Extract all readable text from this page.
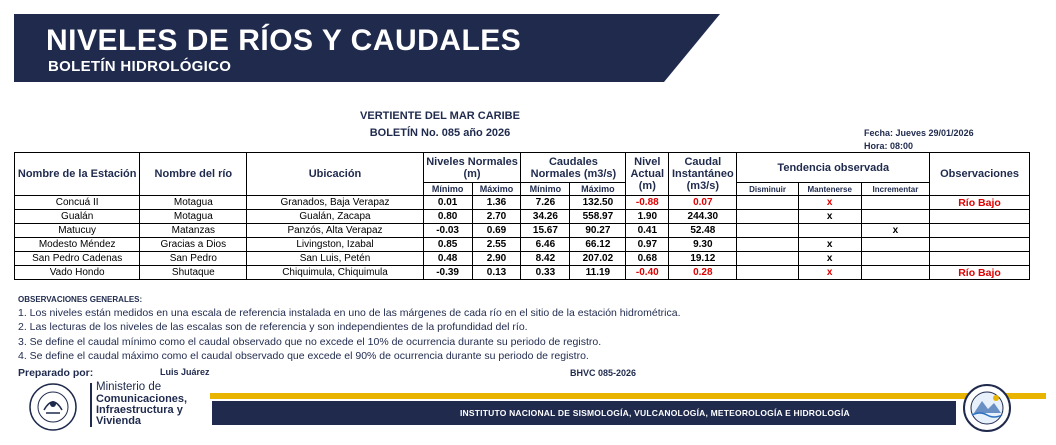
NIVELES DE RÍOS Y CAUDALES
BOLETÍN HIDROLÓGICO
VERTIENTE DEL MAR CARIBE
BOLETÍN No. 085 año 2026	Fecha: Jueves 29/01/2026
Hora: 08:00
Nombre de la Estación	Nombre del río	Ubicación	Niveles Normales (m)		Caudales Normales (m3/s)		Nivel Actual (m)	Caudal Instantáneo (m3/s)	Tendencia observada			Observaciones
			Mínimo	Máximo	Mínimo	Máximo			Disminuir	Mantenerse	Incrementar	
Concuá II	Motagua	Granados, Baja Verapaz	0.01	1.36	7.26	132.50	-0.88	0.07		x		Río Bajo
Gualán	Motagua	Gualán, Zacapa	0.80	2.70	34.26	558.97	1.90	244.30		x		
Matucuy	Matanzas	Panzós, Alta Verapaz	-0.03	0.69	15.67	90.27	0.41	52.48			x	
Modesto Méndez	Gracias a Dios	Livingston, Izabal	0.85	2.55	6.46	66.12	0.97	9.30		x		
San Pedro Cadenas	San Pedro	San Luis, Petén	0.48	2.90	8.42	207.02	0.68	19.12		x		
Vado Hondo	Shutaque	Chiquimula, Chiquimula	-0.39	0.13	0.33	11.19	-0.40	0.28		x		Río Bajo
OBSERVACIONES GENERALES:
1. Los niveles están medidos en una escala de referencia instalada en uno de las márgenes de cada río en el sitio de la estación hidrométrica.
2. Las lecturas de los niveles de las escalas son de referencia y son independientes de la profundidad del río.
3. Se define el caudal mínimo como el caudal observado que no excede el 10% de ocurrencia durante su periodo de registro.
4. Se define el caudal máximo como el caudal observado que excede el 90% de ocurrencia durante su periodo de registro.
Preparado por:	Luis Juárez	BHVC 085-2026
Ministerio de
Comunicaciones,
Infraestructura y
Vivienda
INSTITUTO NACIONAL DE SISMOLOGÍA, VULCANOLOGÍA, METEOROLOGÍA E HIDROLOGÍA
